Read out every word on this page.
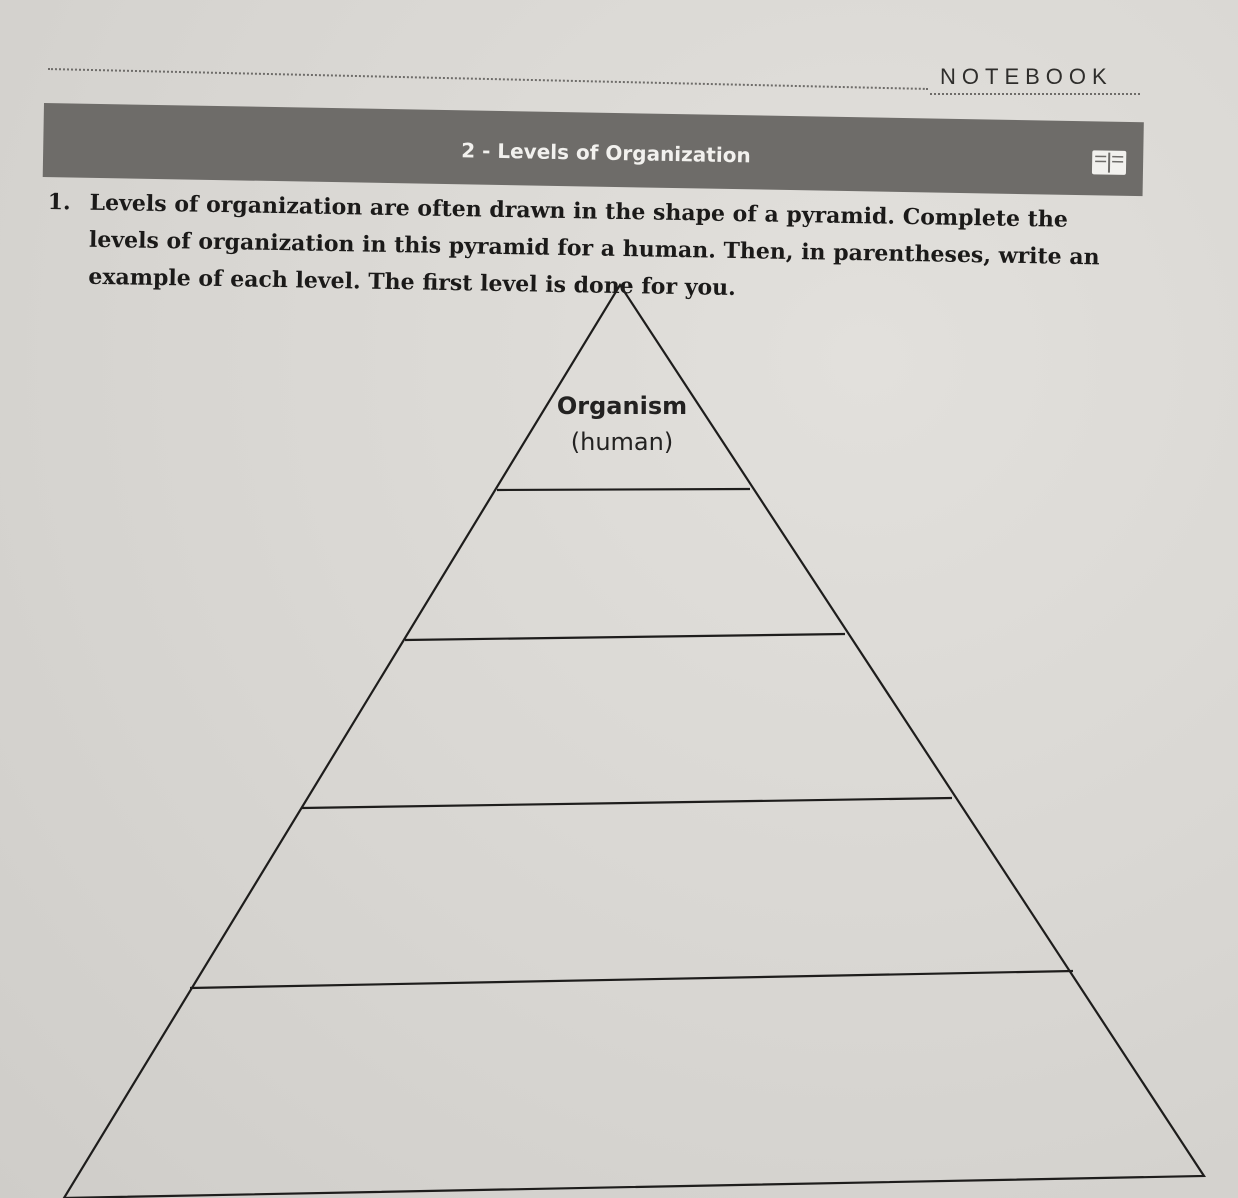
NOTEBOOK
2 - Levels of Organization
1. Levels of organization are often drawn in the shape of a pyramid. Complete the levels of organization in this pyramid for a human. Then, in parentheses, write an example of each level. The first level is done for you.
Organism
(human)
